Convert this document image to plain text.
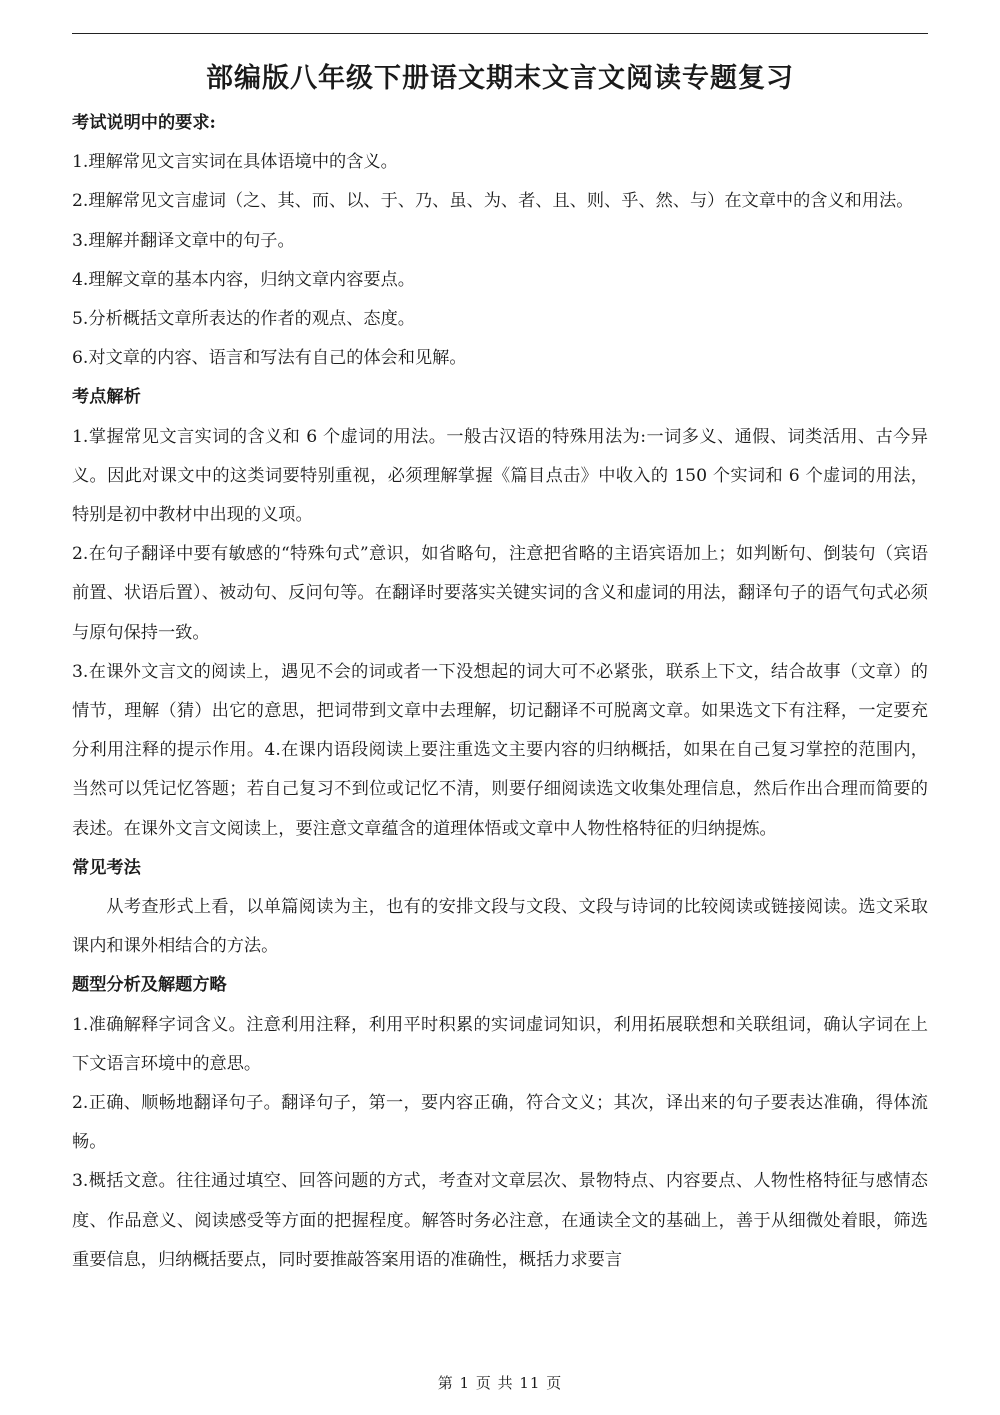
部编版八年级下册语文期末文言文阅读专题复习

考试说明中的要求:

1.理解常见文言实词在具体语境中的含义。

2.理解常见文言虚词（之、其、而、以、于、乃、虽、为、者、且、则、乎、然、与）在文章中的含义和用法。

3.理解并翻译文章中的句子。

4.理解文章的基本内容，归纳文章内容要点。

5.分析概括文章所表达的作者的观点、态度。

6.对文章的内容、语言和写法有自己的体会和见解。

考点解析

1.掌握常见文言实词的含义和 6 个虚词的用法。一般古汉语的特殊用法为:一词多义、通假、词类活用、古今异义。因此对课文中的这类词要特别重视，必须理解掌握《篇目点击》中收入的 150 个实词和 6 个虚词的用法，特别是初中教材中出现的义项。

2.在句子翻译中要有敏感的“特殊句式”意识，如省略句，注意把省略的主语宾语加上；如判断句、倒装句（宾语前置、状语后置）、被动句、反问句等。在翻译时要落实关键实词的含义和虚词的用法，翻译句子的语气句式必须与原句保持一致。

3.在课外文言文的阅读上，遇见不会的词或者一下没想起的词大可不必紧张，联系上下文，结合故事（文章）的情节，理解（猜）出它的意思，把词带到文章中去理解，切记翻译不可脱离文章。如果选文下有注释，一定要充分利用注释的提示作用。4.在课内语段阅读上要注重选文主要内容的归纳概括，如果在自己复习掌控的范围内，当然可以凭记忆答题；若自己复习不到位或记忆不清，则要仔细阅读选文收集处理信息，然后作出合理而简要的表述。在课外文言文阅读上，要注意文章蕴含的道理体悟或文章中人物性格特征的归纳提炼。

常见考法

从考查形式上看，以单篇阅读为主，也有的安排文段与文段、文段与诗词的比较阅读或链接阅读。选文采取课内和课外相结合的方法。

题型分析及解题方略

1.准确解释字词含义。注意利用注释，利用平时积累的实词虚词知识，利用拓展联想和关联组词，确认字词在上下文语言环境中的意思。

2.正确、顺畅地翻译句子。翻译句子，第一，要内容正确，符合文义；其次，译出来的句子要表达准确，得体流畅。

3.概括文意。往往通过填空、回答问题的方式，考查对文章层次、景物特点、内容要点、人物性格特征与感情态度、作品意义、阅读感受等方面的把握程度。解答时务必注意，在通读全文的基础上，善于从细微处着眼，筛选重要信息，归纳概括要点，同时要推敲答案用语的准确性，概括力求要言

第 1 页 共 11 页
